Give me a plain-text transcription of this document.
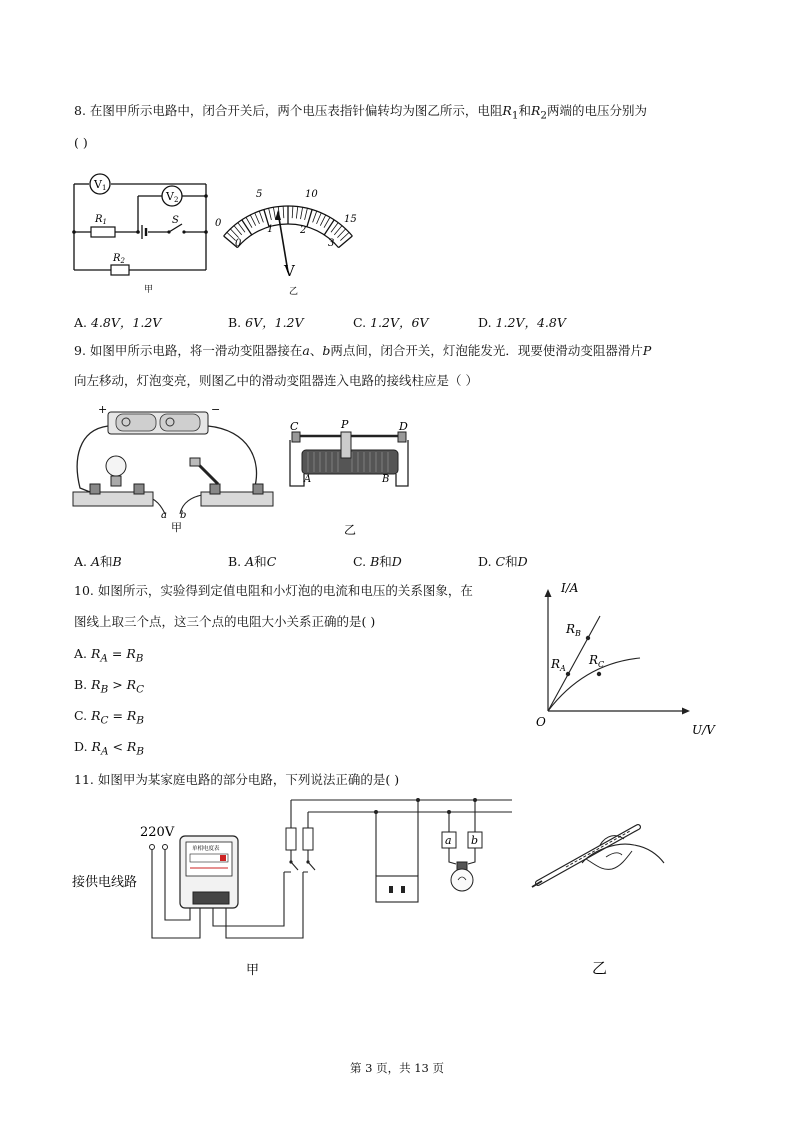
8. 在图甲所示电路中，闭合开关后，两个电压表指针偏转均为图乙所示，电阻$R_1$和$R_2$两端的电压分别为
( )
V1
V2
$R_1$	S
$R_2$
甲
V
乙
0
5	10
15
0
1	2
3
A. 4.8V，1.2V	B. 6V，1.2V	C. 1.2V，6V	D. 1.2V，4.8V
9. 如图甲所示电路，将一滑动变阻器接在a、b两点间，闭合开关，灯泡能发光．现要使滑动变阻器滑片P
向左移动，灯泡变亮，则图乙中的滑动变阻器连入电路的接线柱应是（ ）
+	−
a b
甲
C	P	D
A	B
乙
A. A和B	B. A和C	C. B和D	D. C和D
10. 如图所示，实验得到定值电阻和小灯泡的电流和电压的关系图象，在
图线上取三个点，这三个点的电阻大小关系正确的是( )
A. $R_A = R_B$
B. $R_B > R_C$
C. $R_C = R_B$
D. $R_A < R_B$
I/A
U/V
O
$R_A$
$R_B$
$R_C$
11. 如图甲为某家庭电路的部分电路，下列说法正确的是( )
220V
接供电线路
a b
单相电度表
甲	乙
第 3 页，共 13 页
